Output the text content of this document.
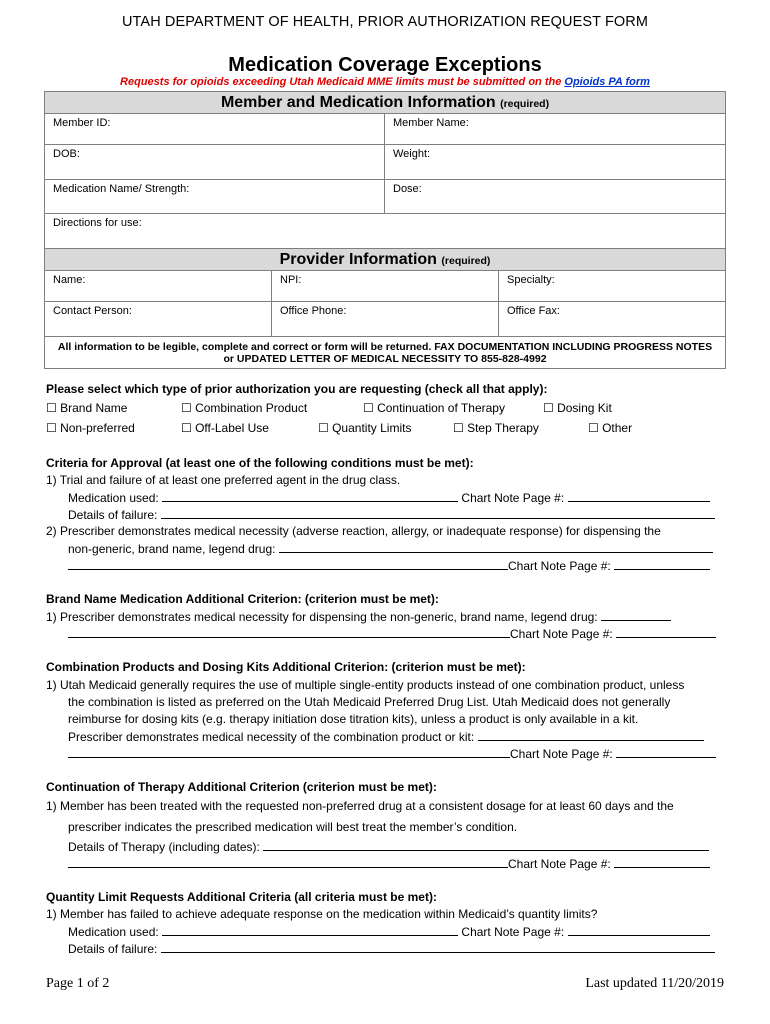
UTAH DEPARTMENT OF HEALTH, PRIOR AUTHORIZATION REQUEST FORM
Medication Coverage Exceptions
Requests for opioids exceeding Utah Medicaid MME limits must be submitted on the Opioids PA form
Member and Medication Information (required)			
Member ID:		Member Name:	
DOB:		Weight:	
Medication Name/ Strength:		Dose:	
Directions for use:			
Provider Information (required)			
Name:	NPI:		Specialty:
Contact Person:	Office Phone:		Office Fax:
All information to be legible, complete and correct or form will be returned. FAX DOCUMENTATION INCLUDING PROGRESS NOTES or UPDATED LETTER OF MEDICAL NECESSITY TO 855-828-4992			
Please select which type of prior authorization you are requesting (check all that apply):
☐ Brand Name	☐ Combination Product	☐ Continuation of Therapy	☐ Dosing Kit
☐ Non-preferred	☐ Off-Label Use	☐ Quantity Limits	☐ Step Therapy	☐ Other
Criteria for Approval (at least one of the following conditions must be met):
1) Trial and failure of at least one preferred agent in the drug class.
Medication used:	Chart Note Page #:
Details of failure:
2) Prescriber demonstrates medical necessity (adverse reaction, allergy, or inadequate response) for dispensing the
non-generic, brand name, legend drug:
Chart Note Page #:
Brand Name Medication Additional Criterion: (criterion must be met):
1) Prescriber demonstrates medical necessity for dispensing the non-generic, brand name, legend drug:
Chart Note Page #:
Combination Products and Dosing Kits Additional Criterion: (criterion must be met):
1) Utah Medicaid generally requires the use of multiple single-entity products instead of one combination product, unless
the combination is listed as preferred on the Utah Medicaid Preferred Drug List. Utah Medicaid does not generally
reimburse for dosing kits (e.g. therapy initiation dose titration kits), unless a product is only available in a kit.
Prescriber demonstrates medical necessity of the combination product or kit:
Chart Note Page #:
Continuation of Therapy Additional Criterion (criterion must be met):
1) Member has been treated with the requested non-preferred drug at a consistent dosage for at least 60 days and the
prescriber indicates the prescribed medication will best treat the member’s condition.
Details of Therapy (including dates):
Chart Note Page #:
Quantity Limit Requests Additional Criteria (all criteria must be met):
1) Member has failed to achieve adequate response on the medication within Medicaid’s quantity limits?
Medication used:	Chart Note Page #:
Details of failure:
Page 1 of 2	Last updated 11/20/2019
